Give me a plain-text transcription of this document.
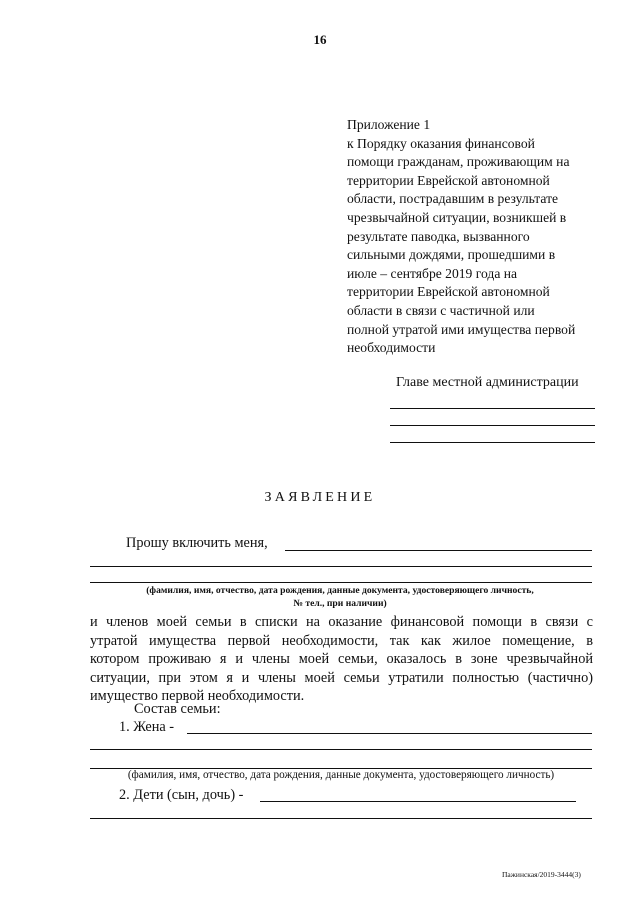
16
Приложение 1
к Порядку оказания финансовой
помощи гражданам, проживающим на
территории Еврейской автономной
области, пострадавшим в результате
чрезвычайной ситуации, возникшей в
результате паводка, вызванного
сильными дождями, прошедшими в
июле – сентябре 2019 года на
территории Еврейской автономной
области в связи с частичной или
полной утратой ими имущества первой
необходимости
Главе местной администрации
ЗАЯВЛЕНИЕ
Прошу включить меня,
(фамилия, имя, отчество, дата рождения, данные документа, удостоверяющего личность,
№ тел., при наличии)
и членов моей семьи в списки на оказание финансовой помощи в связи с
утратой имущества первой необходимости, так как жилое помещение, в
котором проживаю я и члены моей семьи, оказалось в зоне чрезвычайной
ситуации, при этом я и члены моей семьи утратили полностью (частично)
имущество первой необходимости.
Состав семьи:
1. Жена -
(фамилия, имя, отчество, дата рождения, данные документа, удостоверяющего личность)
2. Дети (сын, дочь) -
Пажинская/2019-3444(3)
